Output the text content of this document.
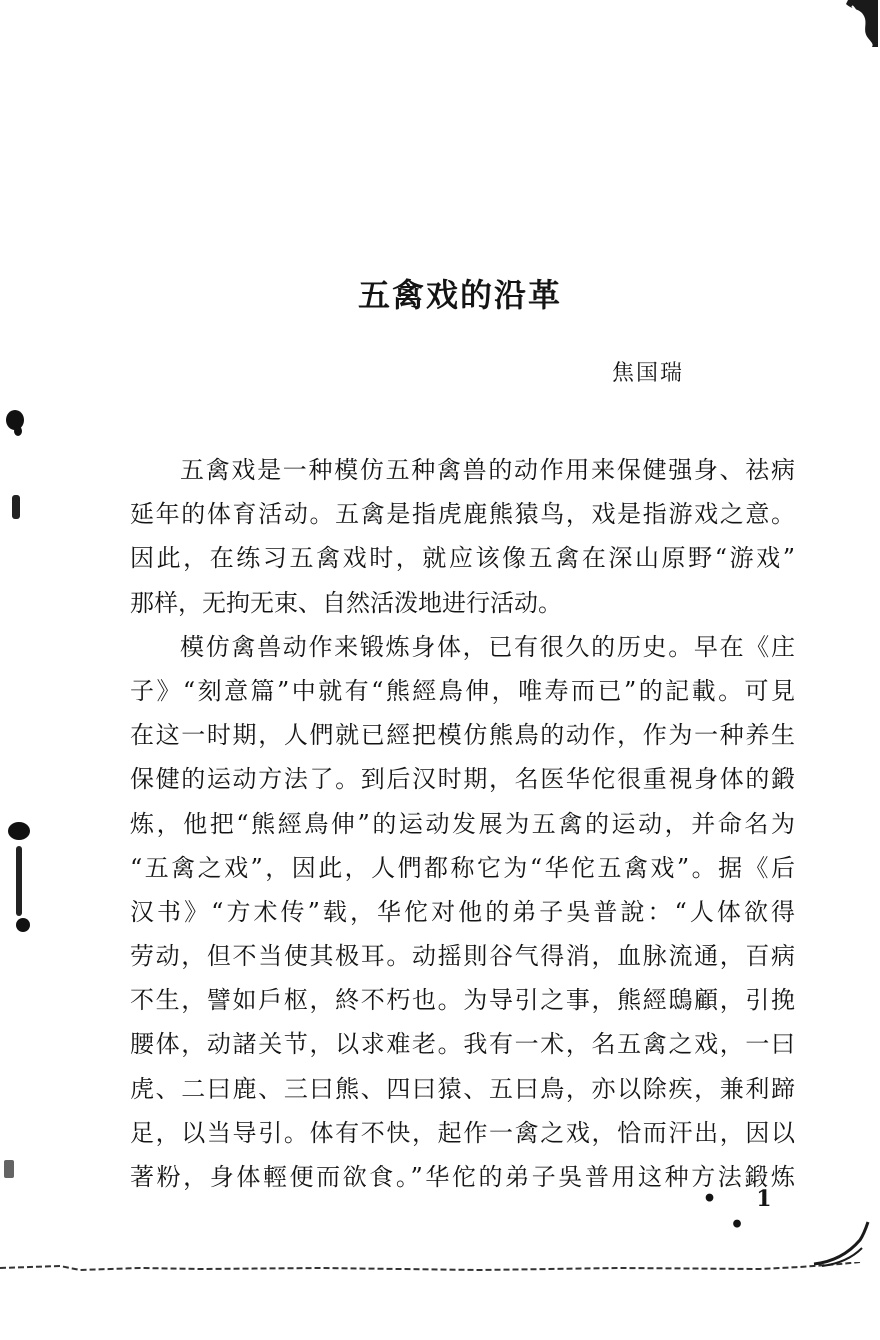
五禽戏的沿革
焦国瑞
五禽戏是一种模仿五种禽兽的动作用来保健强身、祛病
延年的体育活动。五禽是指虎鹿熊猿鸟，戏是指游戏之意。
因此，在练习五禽戏时，就应该像五禽在深山原野“游戏”
那样，无拘无束、自然活泼地进行活动。
模仿禽兽动作来锻炼身体，已有很久的历史。早在《庄
子》“刻意篇”中就有“熊經鳥伸，唯寿而已”的記載。可見
在这一时期，人們就已經把模仿熊鳥的动作，作为一种养生
保健的运动方法了。到后汉时期，名医华佗很重視身体的鍛
炼，他把“熊經鳥伸”的运动发展为五禽的运动，并命名为
“五禽之戏”，因此，人們都称它为“华佗五禽戏”。据《后
汉书》“方术传”载，华佗对他的弟子吳普說：“人体欲得
劳动，但不当使其极耳。动摇則谷气得消，血脉流通，百病
不生，譬如戶枢，終不朽也。为导引之事，熊經鴟顧，引挽
腰体，动諸关节，以求难老。我有一术，名五禽之戏，一曰
虎、二曰鹿、三曰熊、四曰猿、五曰鳥，亦以除疾，兼利蹄
足，以当导引。体有不快，起作一禽之戏，恰而汗出，因以
著粉，身体輕便而欲食。”华佗的弟子吳普用这种方法鍛炼
• 1 •
